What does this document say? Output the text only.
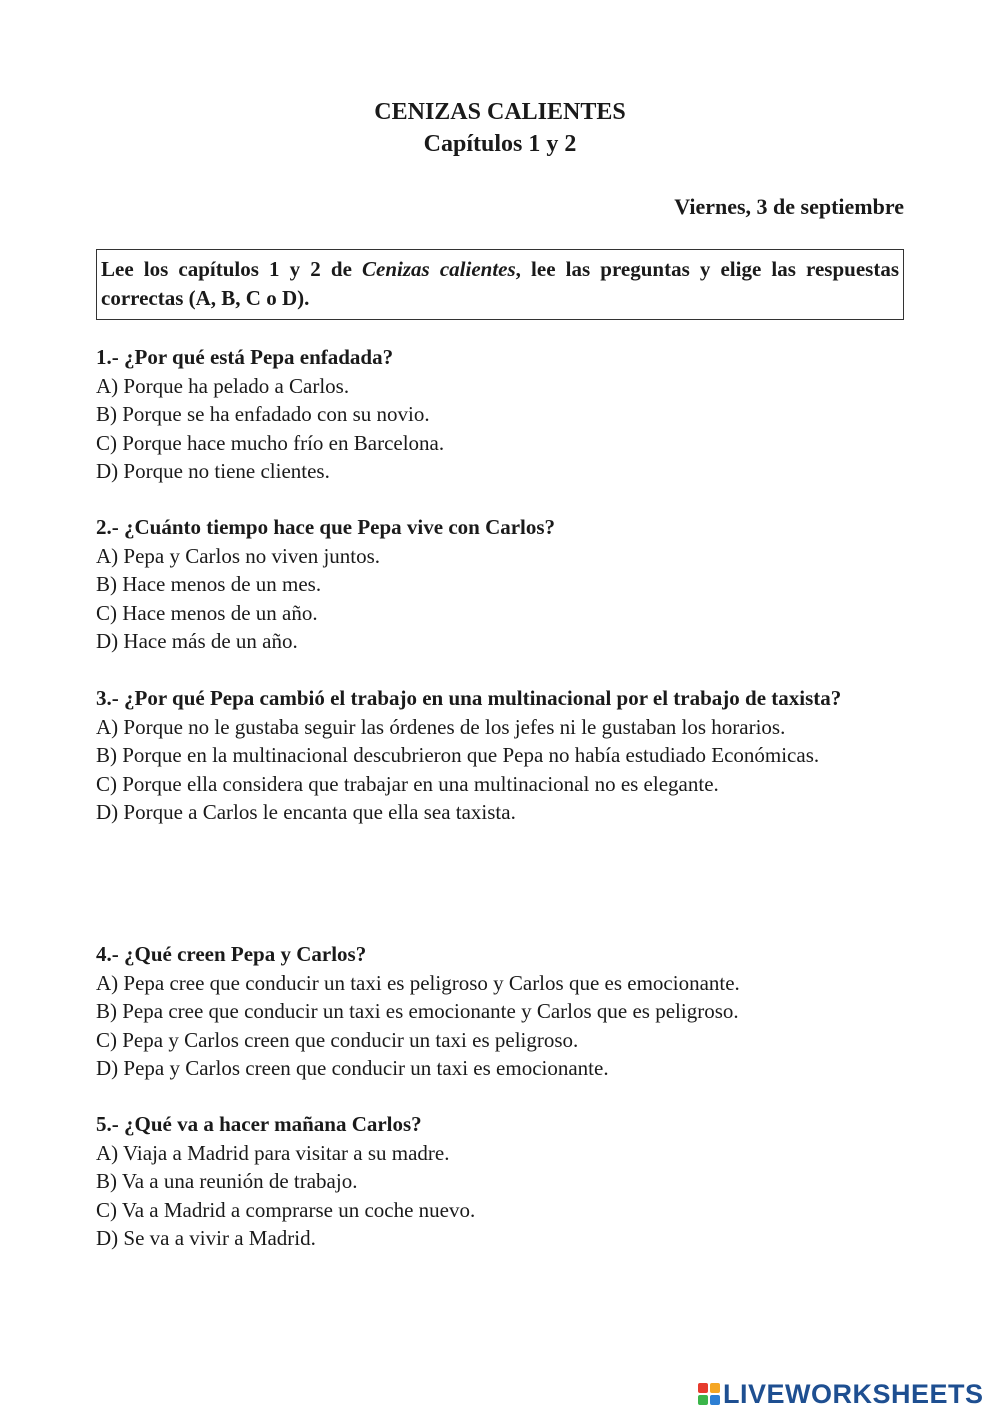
CENIZAS CALIENTES
Capítulos 1 y 2
Viernes, 3 de septiembre
Lee los capítulos 1 y 2 de Cenizas calientes, lee las preguntas y elige las respuestas correctas (A, B, C o D).
1.- ¿Por qué está Pepa enfadada?
A) Porque ha pelado a Carlos.
B) Porque se ha enfadado con su novio.
C) Porque hace mucho frío en Barcelona.
D) Porque no tiene clientes.
2.- ¿Cuánto tiempo hace que Pepa vive con Carlos?
A) Pepa y Carlos no viven juntos.
B) Hace menos de un mes.
C) Hace menos de un año.
D) Hace más de un año.
3.- ¿Por qué Pepa cambió el trabajo en una multinacional por el trabajo de taxista?
A) Porque no le gustaba seguir las órdenes de los jefes ni le gustaban los horarios.
B) Porque en la multinacional descubrieron que Pepa no había estudiado Económicas.
C) Porque ella considera que trabajar en una multinacional no es elegante.
D) Porque a Carlos le encanta que ella sea taxista.
4.- ¿Qué creen Pepa y Carlos?
A) Pepa cree que conducir un taxi es peligroso y Carlos que es emocionante.
B) Pepa cree que conducir un taxi es emocionante y Carlos que es peligroso.
C) Pepa y Carlos creen que conducir un taxi es peligroso.
D) Pepa y Carlos creen que conducir un taxi es emocionante.
5.- ¿Qué va a hacer mañana Carlos?
A) Viaja a Madrid para visitar a su madre.
B) Va a una reunión de trabajo.
C) Va a Madrid a comprarse un coche nuevo.
D) Se va a vivir a Madrid.
LIVEWORKSHEETS
